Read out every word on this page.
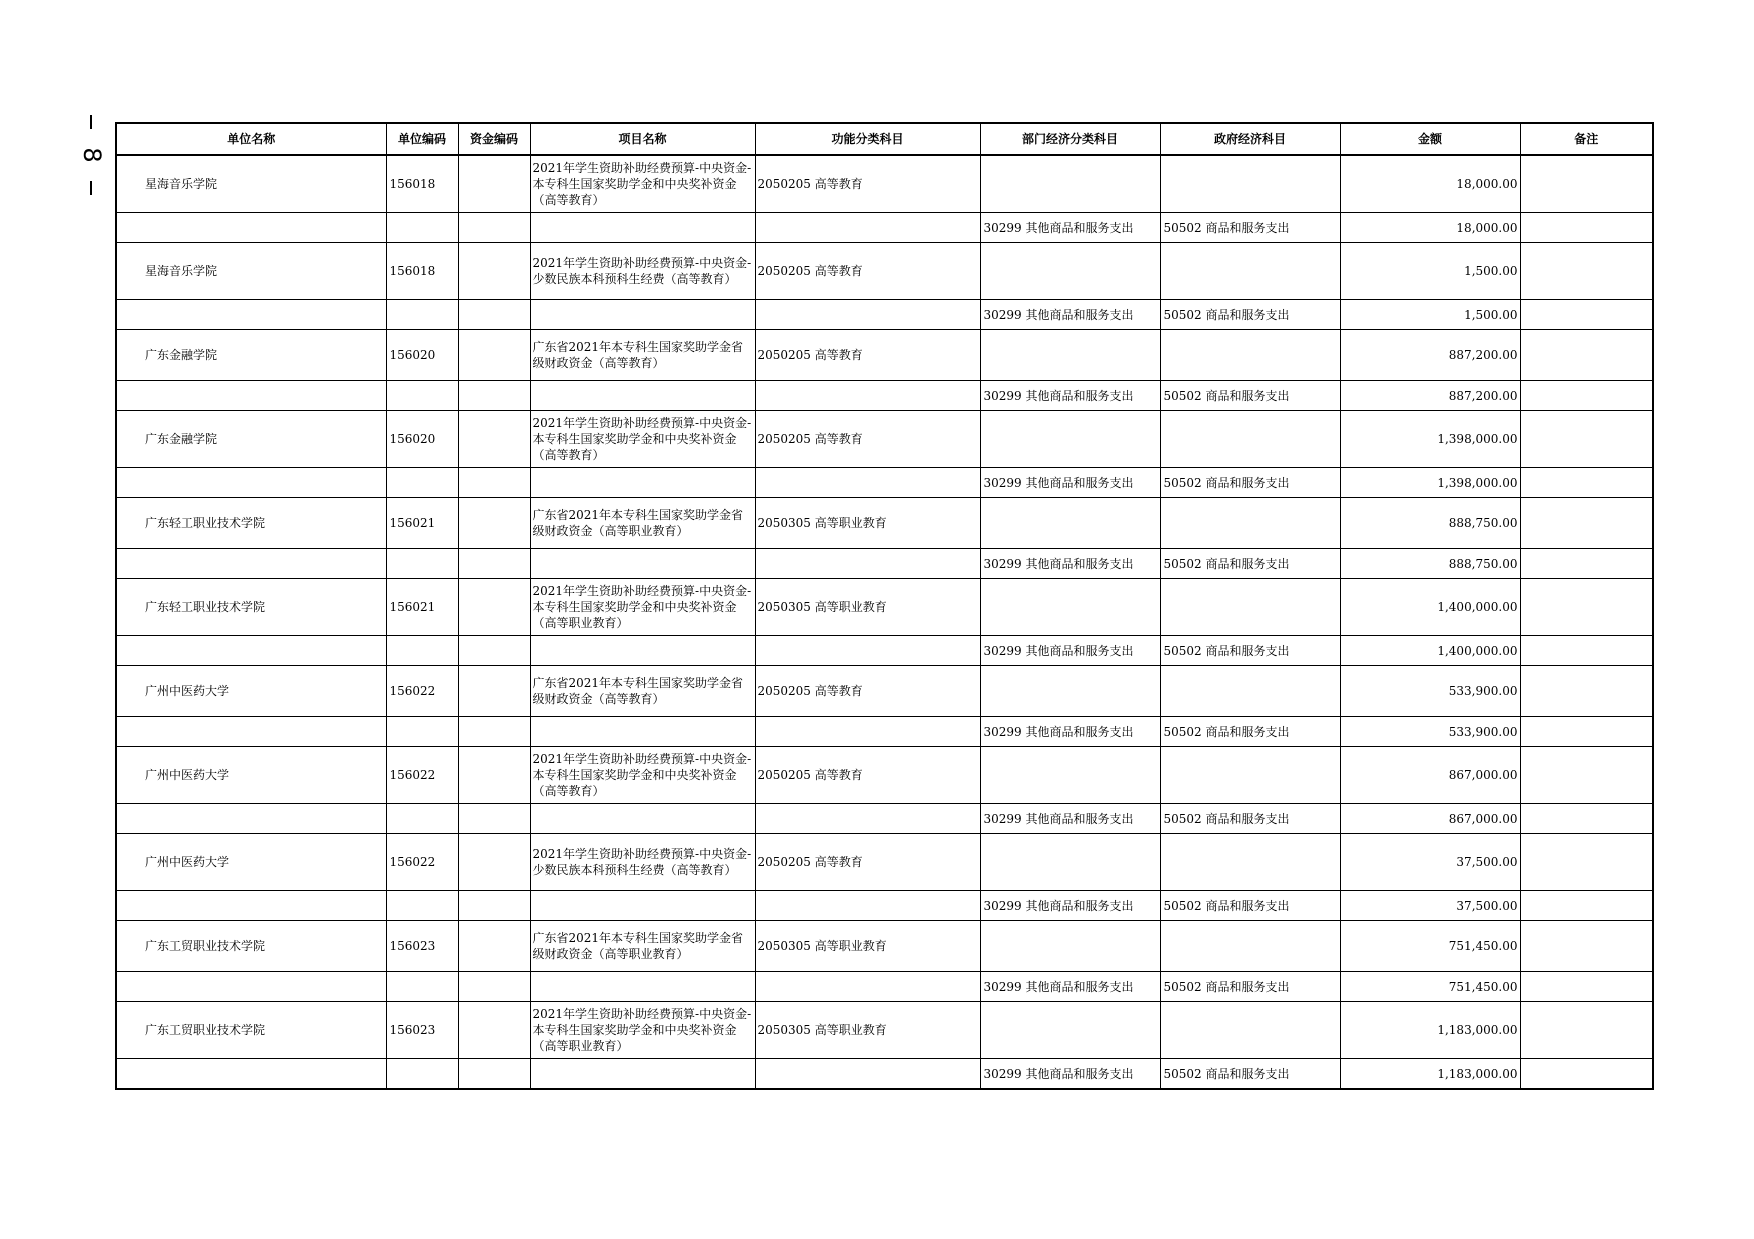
8
单位名称	单位编码	资金编码	项目名称	功能分类科目	部门经济分类科目	政府经济科目	金额	备注
星海音乐学院	156018		2021年学生资助补助经费预算-中央资金-本专科生国家奖助学金和中央奖补资金（高等教育）	2050205 高等教育			18,000.00	
					30299 其他商品和服务支出	50502 商品和服务支出	18,000.00	
星海音乐学院	156018		2021年学生资助补助经费预算-中央资金-少数民族本科预科生经费（高等教育）	2050205 高等教育			1,500.00	
					30299 其他商品和服务支出	50502 商品和服务支出	1,500.00	
广东金融学院	156020		广东省2021年本专科生国家奖助学金省级财政资金（高等教育）	2050205 高等教育			887,200.00	
					30299 其他商品和服务支出	50502 商品和服务支出	887,200.00	
广东金融学院	156020		2021年学生资助补助经费预算-中央资金-本专科生国家奖助学金和中央奖补资金（高等教育）	2050205 高等教育			1,398,000.00	
					30299 其他商品和服务支出	50502 商品和服务支出	1,398,000.00	
广东轻工职业技术学院	156021		广东省2021年本专科生国家奖助学金省级财政资金（高等职业教育）	2050305 高等职业教育			888,750.00	
					30299 其他商品和服务支出	50502 商品和服务支出	888,750.00	
广东轻工职业技术学院	156021		2021年学生资助补助经费预算-中央资金-本专科生国家奖助学金和中央奖补资金（高等职业教育）	2050305 高等职业教育			1,400,000.00	
					30299 其他商品和服务支出	50502 商品和服务支出	1,400,000.00	
广州中医药大学	156022		广东省2021年本专科生国家奖助学金省级财政资金（高等教育）	2050205 高等教育			533,900.00	
					30299 其他商品和服务支出	50502 商品和服务支出	533,900.00	
广州中医药大学	156022		2021年学生资助补助经费预算-中央资金-本专科生国家奖助学金和中央奖补资金（高等教育）	2050205 高等教育			867,000.00	
					30299 其他商品和服务支出	50502 商品和服务支出	867,000.00	
广州中医药大学	156022		2021年学生资助补助经费预算-中央资金-少数民族本科预科生经费（高等教育）	2050205 高等教育			37,500.00	
					30299 其他商品和服务支出	50502 商品和服务支出	37,500.00	
广东工贸职业技术学院	156023		广东省2021年本专科生国家奖助学金省级财政资金（高等职业教育）	2050305 高等职业教育			751,450.00	
					30299 其他商品和服务支出	50502 商品和服务支出	751,450.00	
广东工贸职业技术学院	156023		2021年学生资助补助经费预算-中央资金-本专科生国家奖助学金和中央奖补资金（高等职业教育）	2050305 高等职业教育			1,183,000.00	
					30299 其他商品和服务支出	50502 商品和服务支出	1,183,000.00	
